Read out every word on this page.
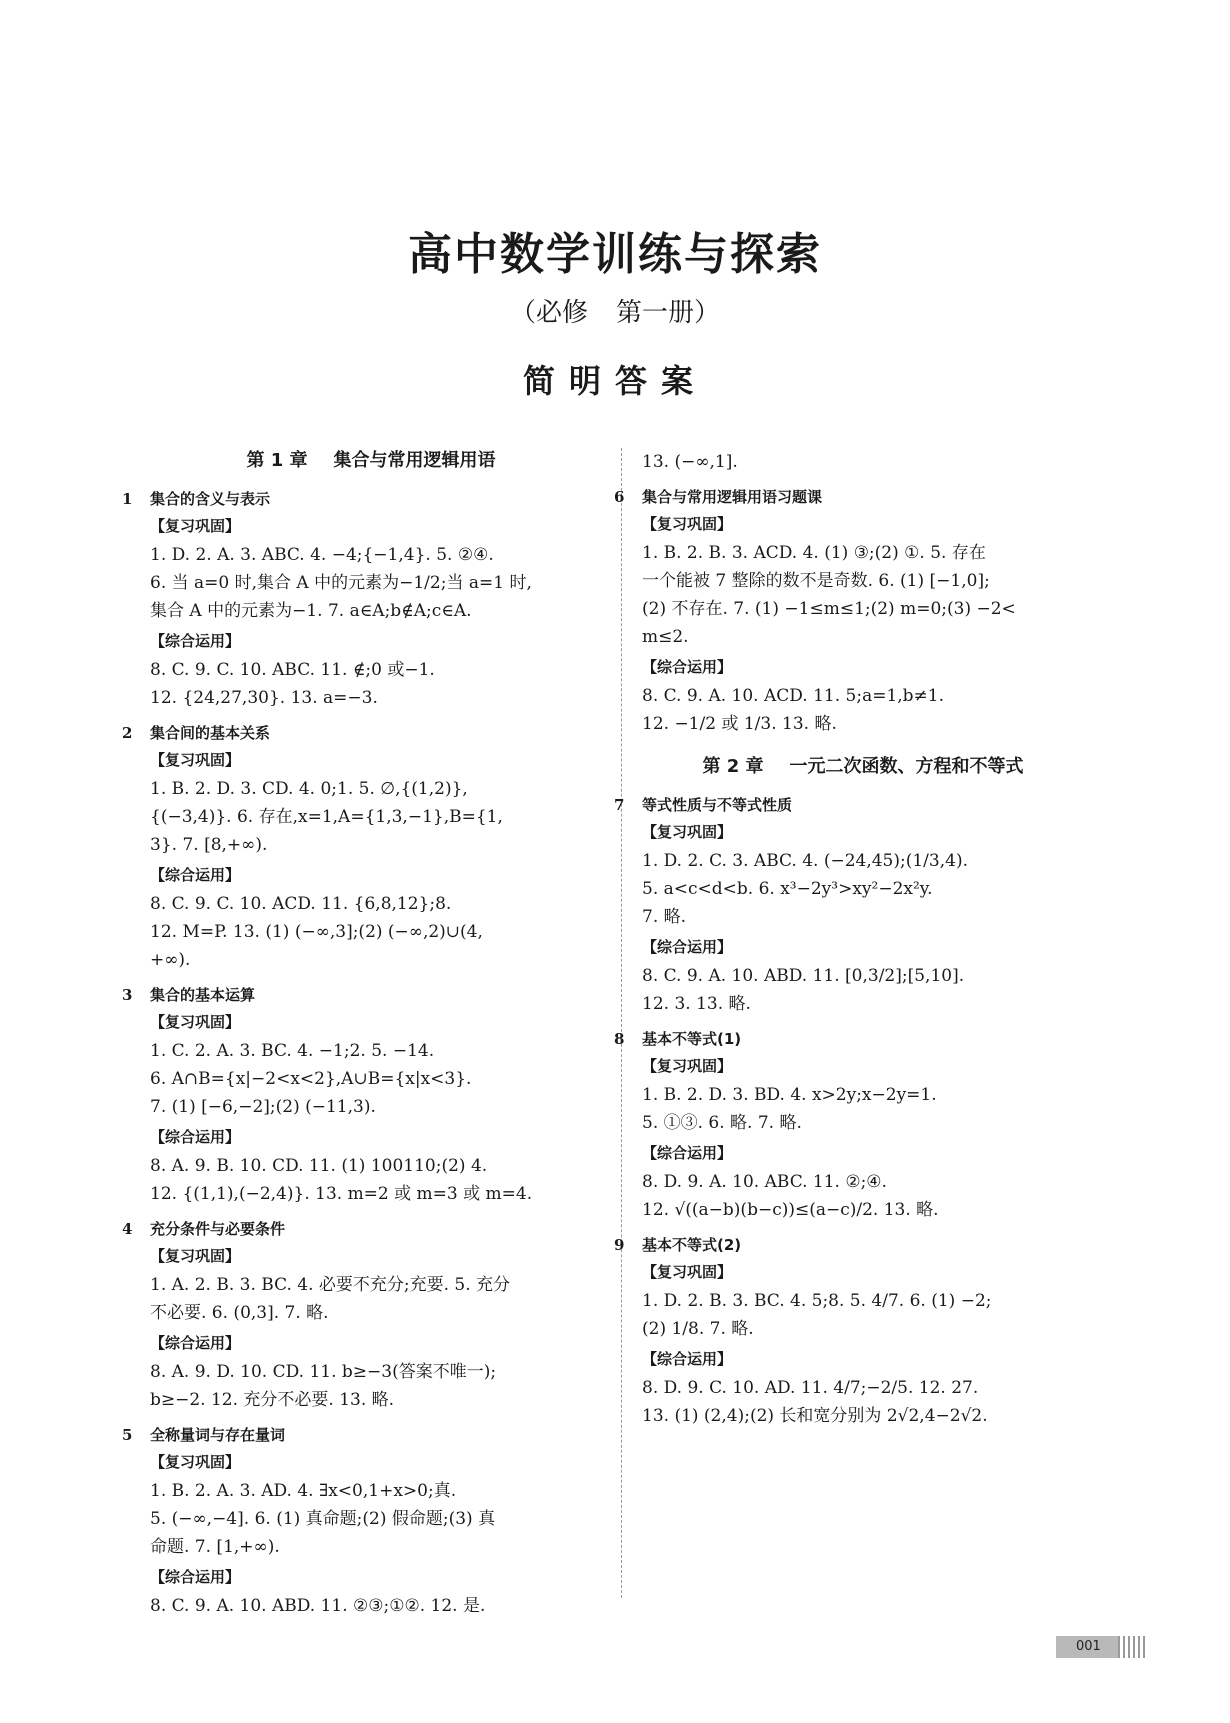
高中数学训练与探索
（必修 第一册）
简明答案
第 1 章 集合与常用逻辑用语
1 集合的含义与表示
【复习巩固】
1. D. 2. A. 3. ABC. 4. −4;{−1,4}. 5. ②④.
6. 当 a=0 时,集合 A 中的元素为−1/2;当 a=1 时,
集合 A 中的元素为−1. 7. a∈A;b∉A;c∈A.
【综合运用】
8. C. 9. C. 10. ABC. 11. ∉;0 或−1.
12. {24,27,30}. 13. a=−3.
2 集合间的基本关系
【复习巩固】
1. B. 2. D. 3. CD. 4. 0;1. 5. ∅,{(1,2)},
{(−3,4)}. 6. 存在,x=1,A={1,3,−1},B={1,
3}. 7. [8,+∞).
【综合运用】
8. C. 9. C. 10. ACD. 11. {6,8,12};8.
12. M=P. 13. (1) (−∞,3];(2) (−∞,2)∪(4,
+∞).
3 集合的基本运算
【复习巩固】
1. C. 2. A. 3. BC. 4. −1;2. 5. −14.
6. A∩B={x|−2<x<2},A∪B={x|x<3}.
7. (1) [−6,−2];(2) (−11,3).
【综合运用】
8. A. 9. B. 10. CD. 11. (1) 100110;(2) 4.
12. {(1,1),(−2,4)}. 13. m=2 或 m=3 或 m=4.
4 充分条件与必要条件
【复习巩固】
1. A. 2. B. 3. BC. 4. 必要不充分;充要. 5. 充分
不必要. 6. (0,3]. 7. 略.
【综合运用】
8. A. 9. D. 10. CD. 11. b≥−3(答案不唯一);
b≥−2. 12. 充分不必要. 13. 略.
5 全称量词与存在量词
【复习巩固】
1. B. 2. A. 3. AD. 4. ∃x<0,1+x>0;真.
5. (−∞,−4]. 6. (1) 真命题;(2) 假命题;(3) 真
命题. 7. [1,+∞).
【综合运用】
8. C. 9. A. 10. ABD. 11. ②③;①②. 12. 是.
13. (−∞,1].
6 集合与常用逻辑用语习题课
【复习巩固】
1. B. 2. B. 3. ACD. 4. (1) ③;(2) ①. 5. 存在
一个能被 7 整除的数不是奇数. 6. (1) [−1,0];
(2) 不存在. 7. (1) −1≤m≤1;(2) m=0;(3) −2<
m≤2.
【综合运用】
8. C. 9. A. 10. ACD. 11. 5;a=1,b≠1.
12. −1/2 或 1/3. 13. 略.
第 2 章 一元二次函数、方程和不等式
7 等式性质与不等式性质
【复习巩固】
1. D. 2. C. 3. ABC. 4. (−24,45);(1/3,4).
5. a<c<d<b. 6. x³−2y³>xy²−2x²y.
7. 略.
【综合运用】
8. C. 9. A. 10. ABD. 11. [0,3/2];[5,10].
12. 3. 13. 略.
8 基本不等式(1)
【复习巩固】
1. B. 2. D. 3. BD. 4. x>2y;x−2y=1.
5. ①③. 6. 略. 7. 略.
【综合运用】
8. D. 9. A. 10. ABC. 11. ②;④.
12. √((a−b)(b−c))≤(a−c)/2. 13. 略.
9 基本不等式(2)
【复习巩固】
1. D. 2. B. 3. BC. 4. 5;8. 5. 4/7. 6. (1) −2;
(2) 1/8. 7. 略.
【综合运用】
8. D. 9. C. 10. AD. 11. 4/7;−2/5. 12. 27.
13. (1) (2,4);(2) 长和宽分别为 2√2,4−2√2.
001
